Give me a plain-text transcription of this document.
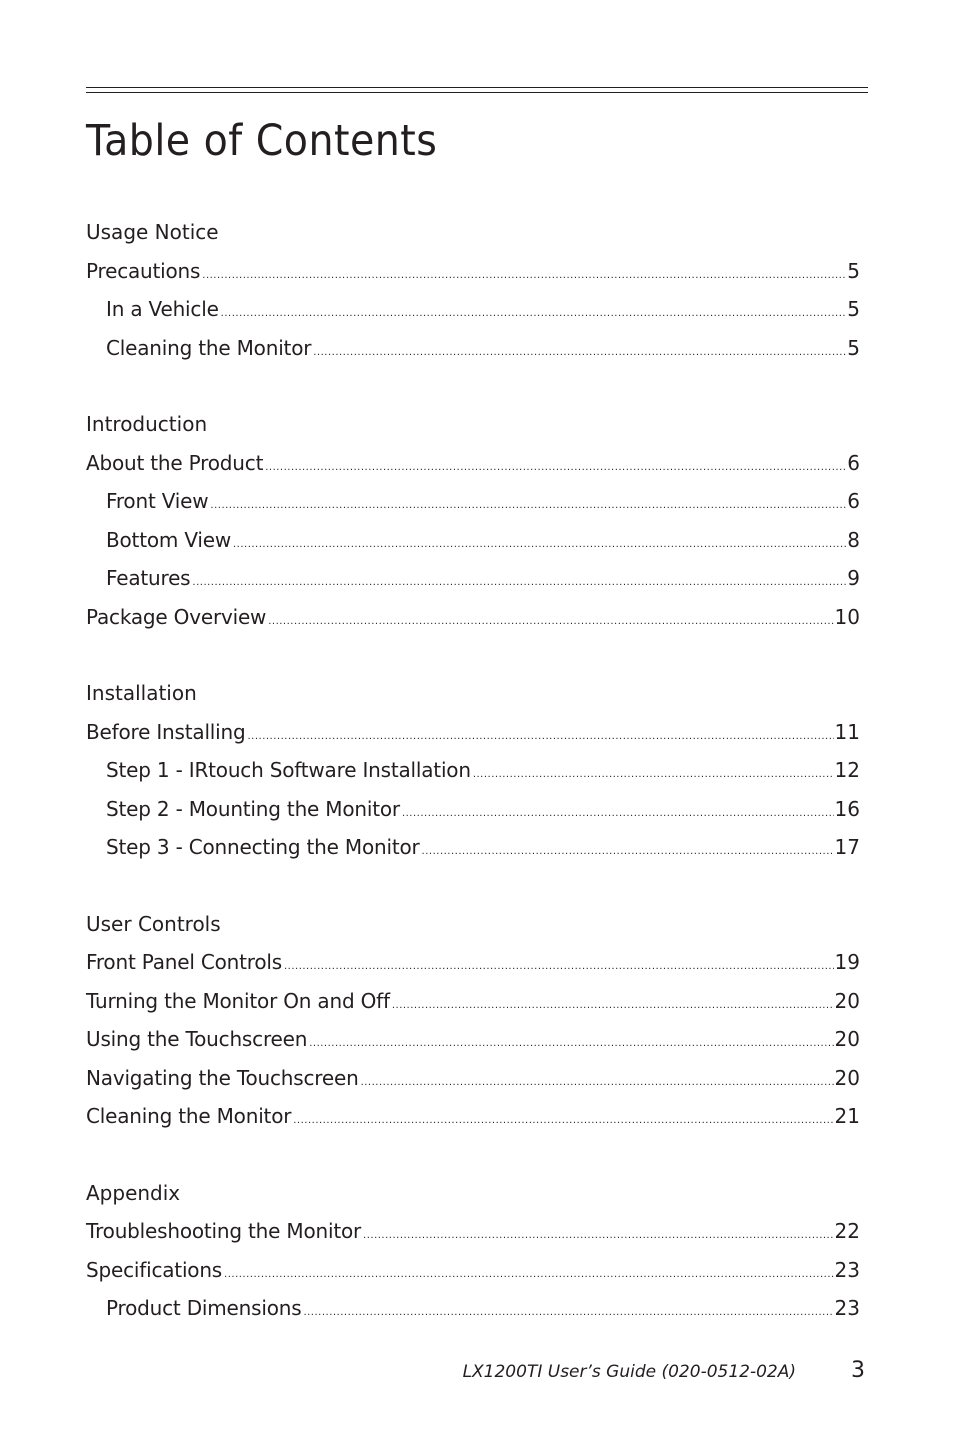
Table of Contents
Usage Notice
Precautions .....	5
In a Vehicle .....	5
Cleaning the Monitor .....	5
Introduction
About the Product .....	6
Front View .....	6
Bottom View .....	8
Features .....	9
Package Overview .....	10
Installation
Before Installing .....	11
Step 1 - IRtouch Software Installation .....	12
Step 2 - Mounting the Monitor .....	16
Step 3 - Connecting the Monitor .....	17
User Controls
Front Panel Controls .....	19
Turning the Monitor On and Off .....	20
Using the Touchscreen .....	20
Navigating the Touchscreen .....	20
Cleaning the Monitor .....	21
Appendix
Troubleshooting the Monitor .....	22
Specifications .....	23
Product Dimensions .....	23
LX1200TI User’s Guide (020-0512-02A)	3
